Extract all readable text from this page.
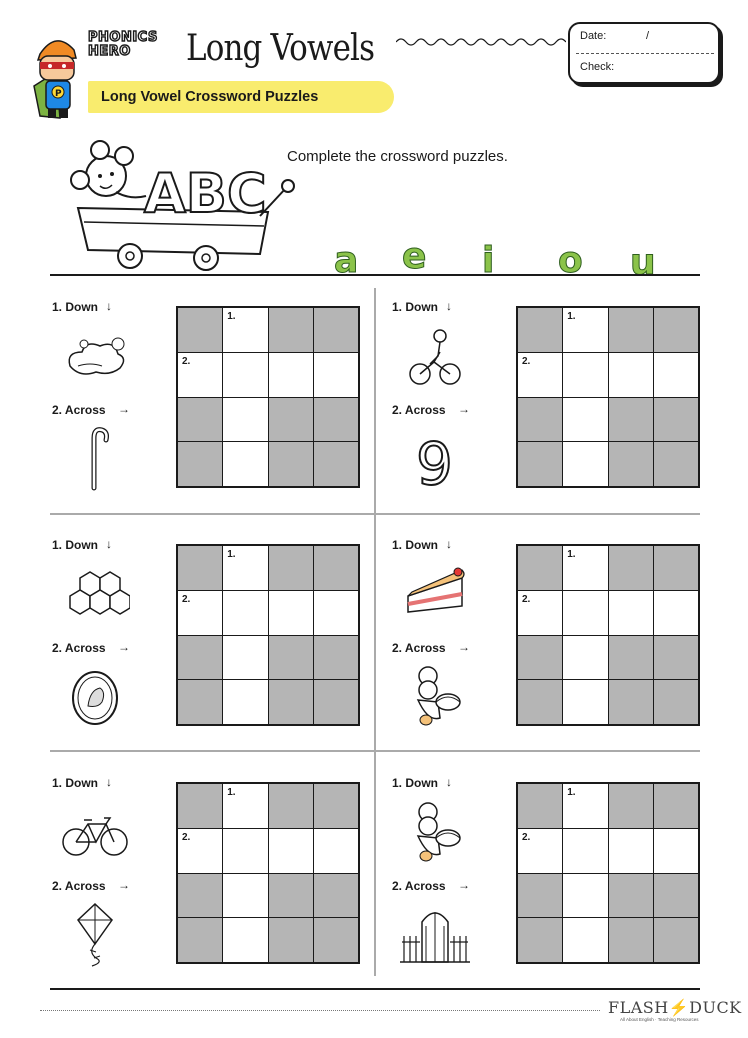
P
PHONICS
HERO	Long Vowels
Long Vowel Crossword Puzzles
Date:	/
Check:
ABC
Complete the crossword puzzles.
a e i o u
1. Down ↓
2. Across →
1.
2.
1. Down ↓
2. Across →
9
1.
2.
1. Down ↓
2. Across →
1.
2.
1. Down ↓
2. Across →
1.
2.
1. Down ↓
2. Across →
1.
2.
1. Down ↓
2. Across →
1.
2.
FLASH⚡DUCK
All About English · Teaching Resources
